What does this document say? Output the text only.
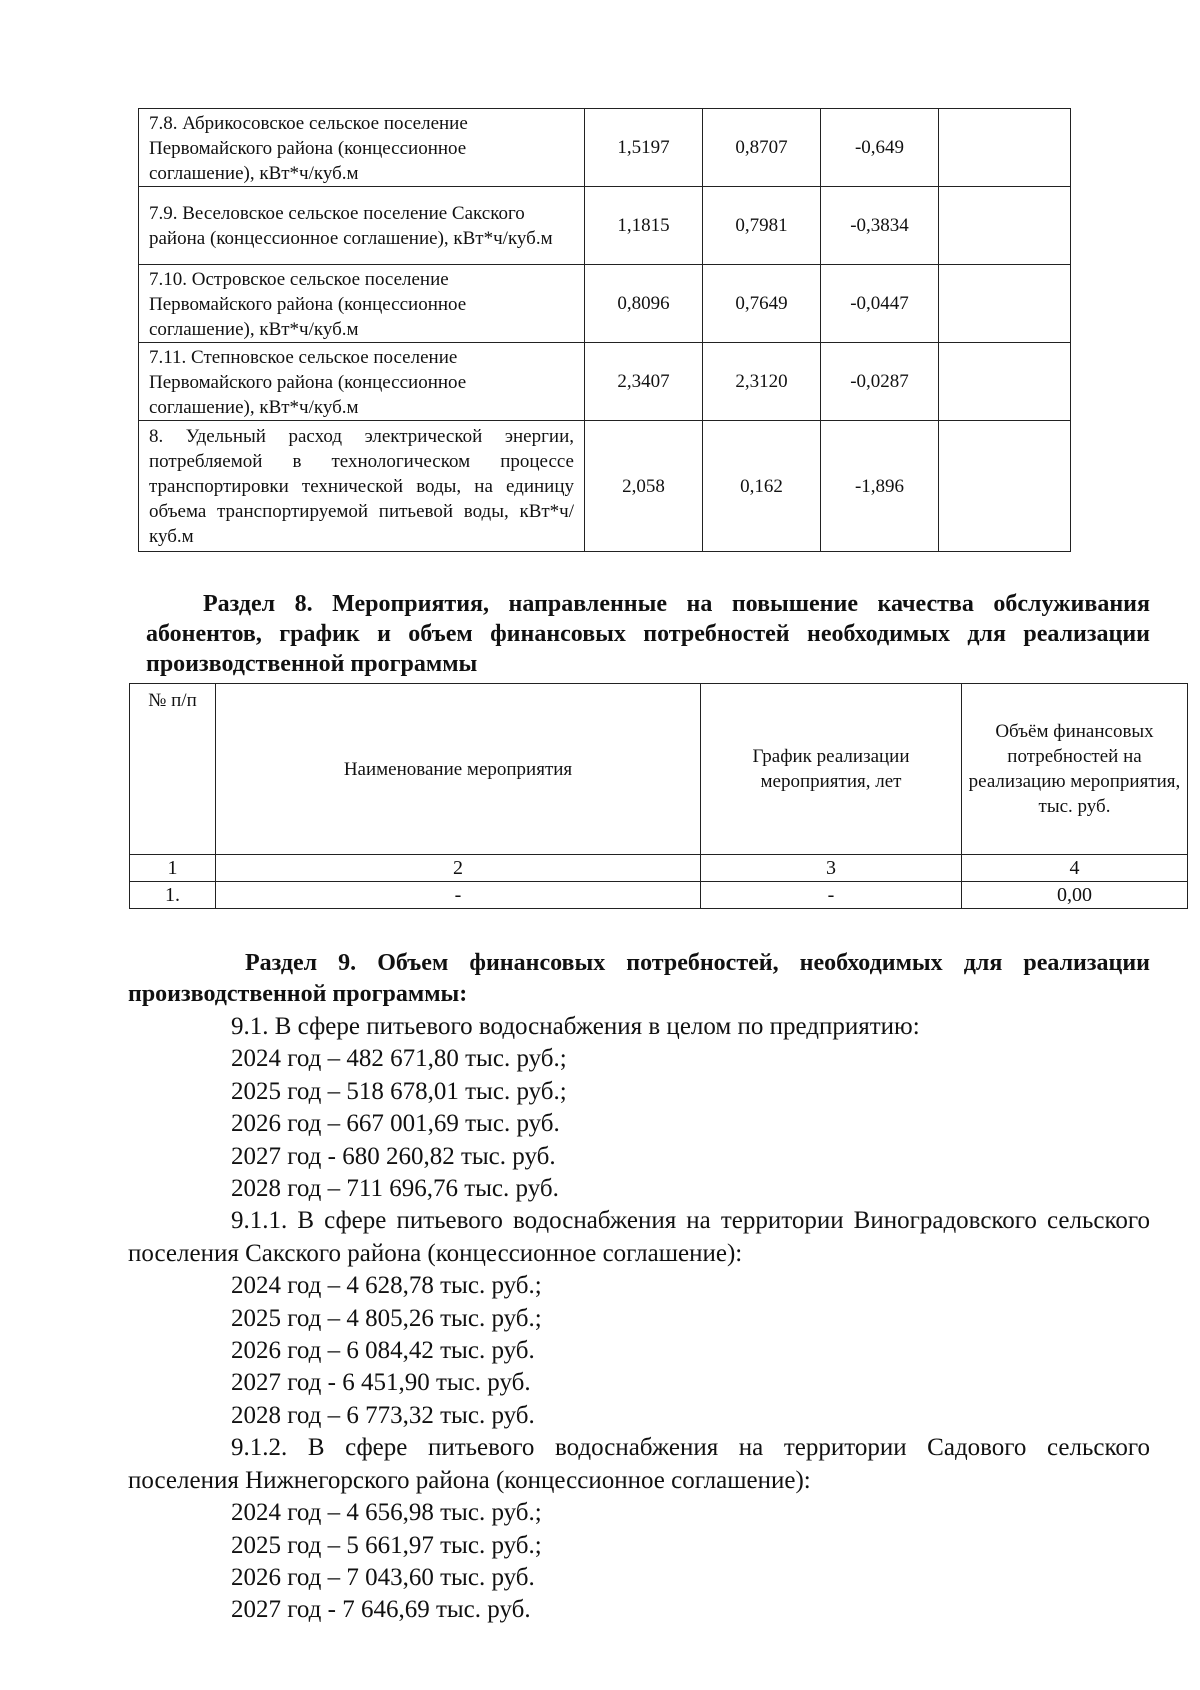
7.8. Абрикосовское сельское поселение Первомайского района (концессионное соглашение), кВт*ч/куб.м	1,5197	0,8707	-0,649	
7.9. Веселовское сельское поселение Сакского района (концессионное соглашение), кВт*ч/куб.м	1,1815	0,7981	-0,3834	
7.10. Островское сельское поселение Первомайского района (концессионное соглашение), кВт*ч/куб.м	0,8096	0,7649	-0,0447	
7.11. Степновское сельское поселение Первомайского района (концессионное соглашение), кВт*ч/куб.м	2,3407	2,3120	-0,0287	
8. Удельный расход электрической энергии, потребляемой в технологическом процессе транспортировки технической воды, на единицу объема транспортируемой питьевой воды, кВт*ч/куб.м	2,058	0,162	-1,896	

Раздел 8. Мероприятия, направленные на повышение качества обслуживания абонентов, график и объем финансовых потребностей необходимых для реализации производственной программы

№ п/п	Наименование мероприятия	График реализации мероприятия, лет	Объём финансовых потребностей на реализацию мероприятия, тыс. руб.
1	2	3	4
1.	-	-	0,00

Раздел 9. Объем финансовых потребностей, необходимых для реализации производственной программы:

9.1. В сфере питьевого водоснабжения в целом по предприятию:

2024 год – 482 671,80 тыс. руб.;

2025 год – 518 678,01 тыс. руб.;

2026 год – 667 001,69 тыс. руб.

2027 год - 680 260,82 тыс. руб.

2028 год – 711 696,76 тыс. руб.

9.1.1. В сфере питьевого водоснабжения на территории Виноградовского сельского поселения Сакского района (концессионное соглашение):

2024 год – 4 628,78 тыс. руб.;

2025 год – 4 805,26 тыс. руб.;

2026 год – 6 084,42 тыс. руб.

2027 год - 6 451,90 тыс. руб.

2028 год – 6 773,32 тыс. руб.

9.1.2. В сфере питьевого водоснабжения на территории Садового сельского поселения Нижнегорского района (концессионное соглашение):

2024 год – 4 656,98 тыс. руб.;

2025 год – 5 661,97 тыс. руб.;

2026 год – 7 043,60 тыс. руб.

2027 год - 7 646,69 тыс. руб.
